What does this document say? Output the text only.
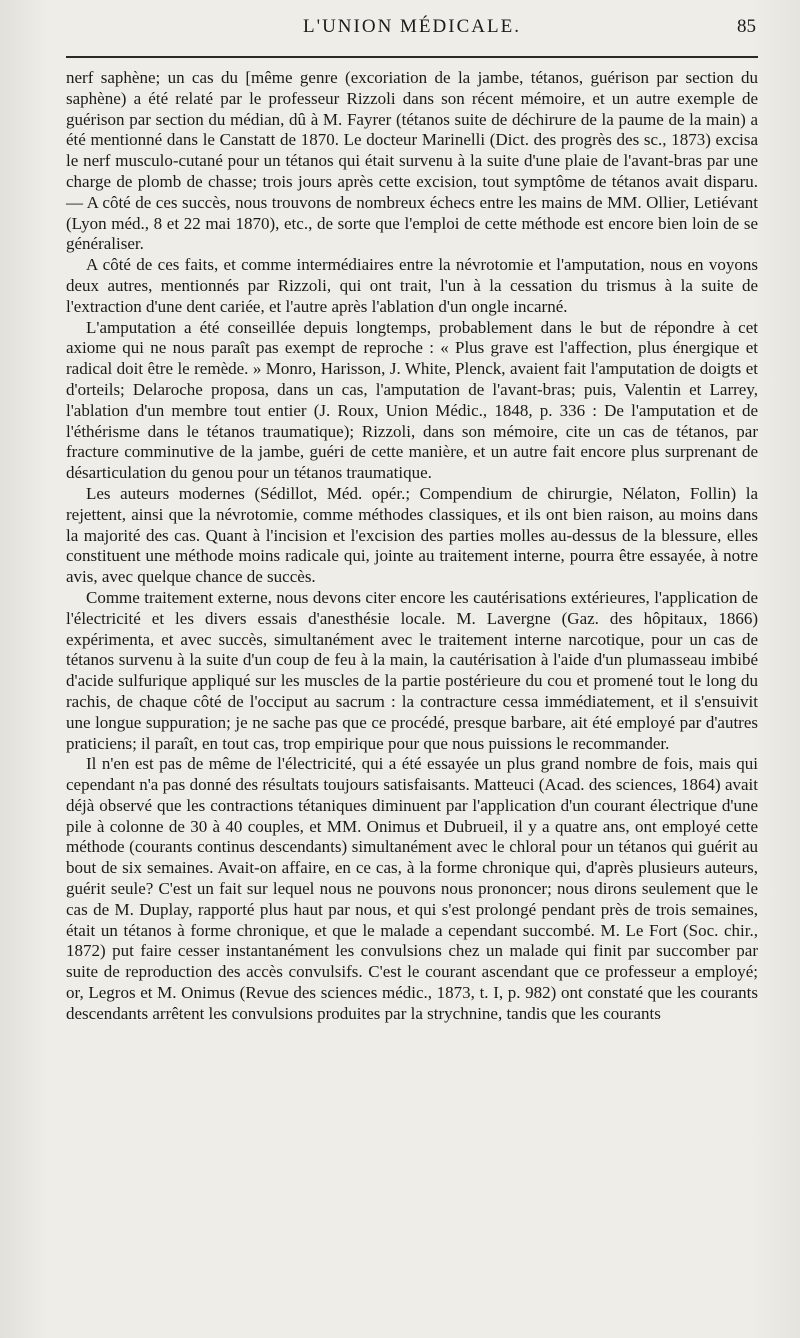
L'UNION MÉDICALE.	85

nerf saphène; un cas du [même genre (excoriation de la jambe, tétanos, guérison par section du saphène) a été relaté par le professeur Rizzoli dans son récent mémoire, et un autre exemple de guérison par section du médian, dû à M. Fayrer (tétanos suite de déchirure de la paume de la main) a été mentionné dans le Canstatt de 1870. Le docteur Marinelli (Dict. des progrès des sc., 1873) excisa le nerf musculo-cutané pour un tétanos qui était survenu à la suite d'une plaie de l'avant-bras par une charge de plomb de chasse; trois jours après cette excision, tout symptôme de tétanos avait disparu. — A côté de ces succès, nous trouvons de nombreux échecs entre les mains de MM. Ollier, Letiévant (Lyon méd., 8 et 22 mai 1870), etc., de sorte que l'emploi de cette méthode est encore bien loin de se généraliser.

A côté de ces faits, et comme intermédiaires entre la névrotomie et l'amputation, nous en voyons deux autres, mentionnés par Rizzoli, qui ont trait, l'un à la cessation du trismus à la suite de l'extraction d'une dent cariée, et l'autre après l'ablation d'un ongle incarné.

L'amputation a été conseillée depuis longtemps, probablement dans le but de répondre à cet axiome qui ne nous paraît pas exempt de reproche : « Plus grave est l'affection, plus énergique et radical doit être le remède. » Monro, Harisson, J. White, Plenck, avaient fait l'amputation de doigts et d'orteils; Delaroche proposa, dans un cas, l'amputation de l'avant-bras; puis, Valentin et Larrey, l'ablation d'un membre tout entier (J. Roux, Union Médic., 1848, p. 336 : De l'amputation et de l'éthérisme dans le tétanos traumatique); Rizzoli, dans son mémoire, cite un cas de tétanos, par fracture comminutive de la jambe, guéri de cette manière, et un autre fait encore plus surprenant de désarticulation du genou pour un tétanos traumatique.

Les auteurs modernes (Sédillot, Méd. opér.; Compendium de chirurgie, Nélaton, Follin) la rejettent, ainsi que la névrotomie, comme méthodes classiques, et ils ont bien raison, au moins dans la majorité des cas. Quant à l'incision et l'excision des parties molles au-dessus de la blessure, elles constituent une méthode moins radicale qui, jointe au traitement interne, pourra être essayée, à notre avis, avec quelque chance de succès.

Comme traitement externe, nous devons citer encore les cautérisations extérieures, l'application de l'électricité et les divers essais d'anesthésie locale. M. Lavergne (Gaz. des hôpitaux, 1866) expérimenta, et avec succès, simultanément avec le traitement interne narcotique, pour un cas de tétanos survenu à la suite d'un coup de feu à la main, la cautérisation à l'aide d'un plumasseau imbibé d'acide sulfurique appliqué sur les muscles de la partie postérieure du cou et promené tout le long du rachis, de chaque côté de l'occiput au sacrum : la contracture cessa immédiatement, et il s'ensuivit une longue suppuration; je ne sache pas que ce procédé, presque barbare, ait été employé par d'autres praticiens; il paraît, en tout cas, trop empirique pour que nous puissions le recommander.

Il n'en est pas de même de l'électricité, qui a été essayée un plus grand nombre de fois, mais qui cependant n'a pas donné des résultats toujours satisfaisants. Matteuci (Acad. des sciences, 1864) avait déjà observé que les contractions tétaniques diminuent par l'application d'un courant électrique d'une pile à colonne de 30 à 40 couples, et MM. Onimus et Dubrueil, il y a quatre ans, ont employé cette méthode (courants continus descendants) simultanément avec le chloral pour un tétanos qui guérit au bout de six semaines. Avait-on affaire, en ce cas, à la forme chronique qui, d'après plusieurs auteurs, guérit seule? C'est un fait sur lequel nous ne pouvons nous prononcer; nous dirons seulement que le cas de M. Duplay, rapporté plus haut par nous, et qui s'est prolongé pendant près de trois semaines, était un tétanos à forme chronique, et que le malade a cependant succombé. M. Le Fort (Soc. chir., 1872) put faire cesser instantanément les convulsions chez un malade qui finit par succomber par suite de reproduction des accès convulsifs. C'est le courant ascendant que ce professeur a employé; or, Legros et M. Onimus (Revue des sciences médic., 1873, t. I, p. 982) ont constaté que les courants descendants arrêtent les convulsions produites par la strychnine, tandis que les courants
